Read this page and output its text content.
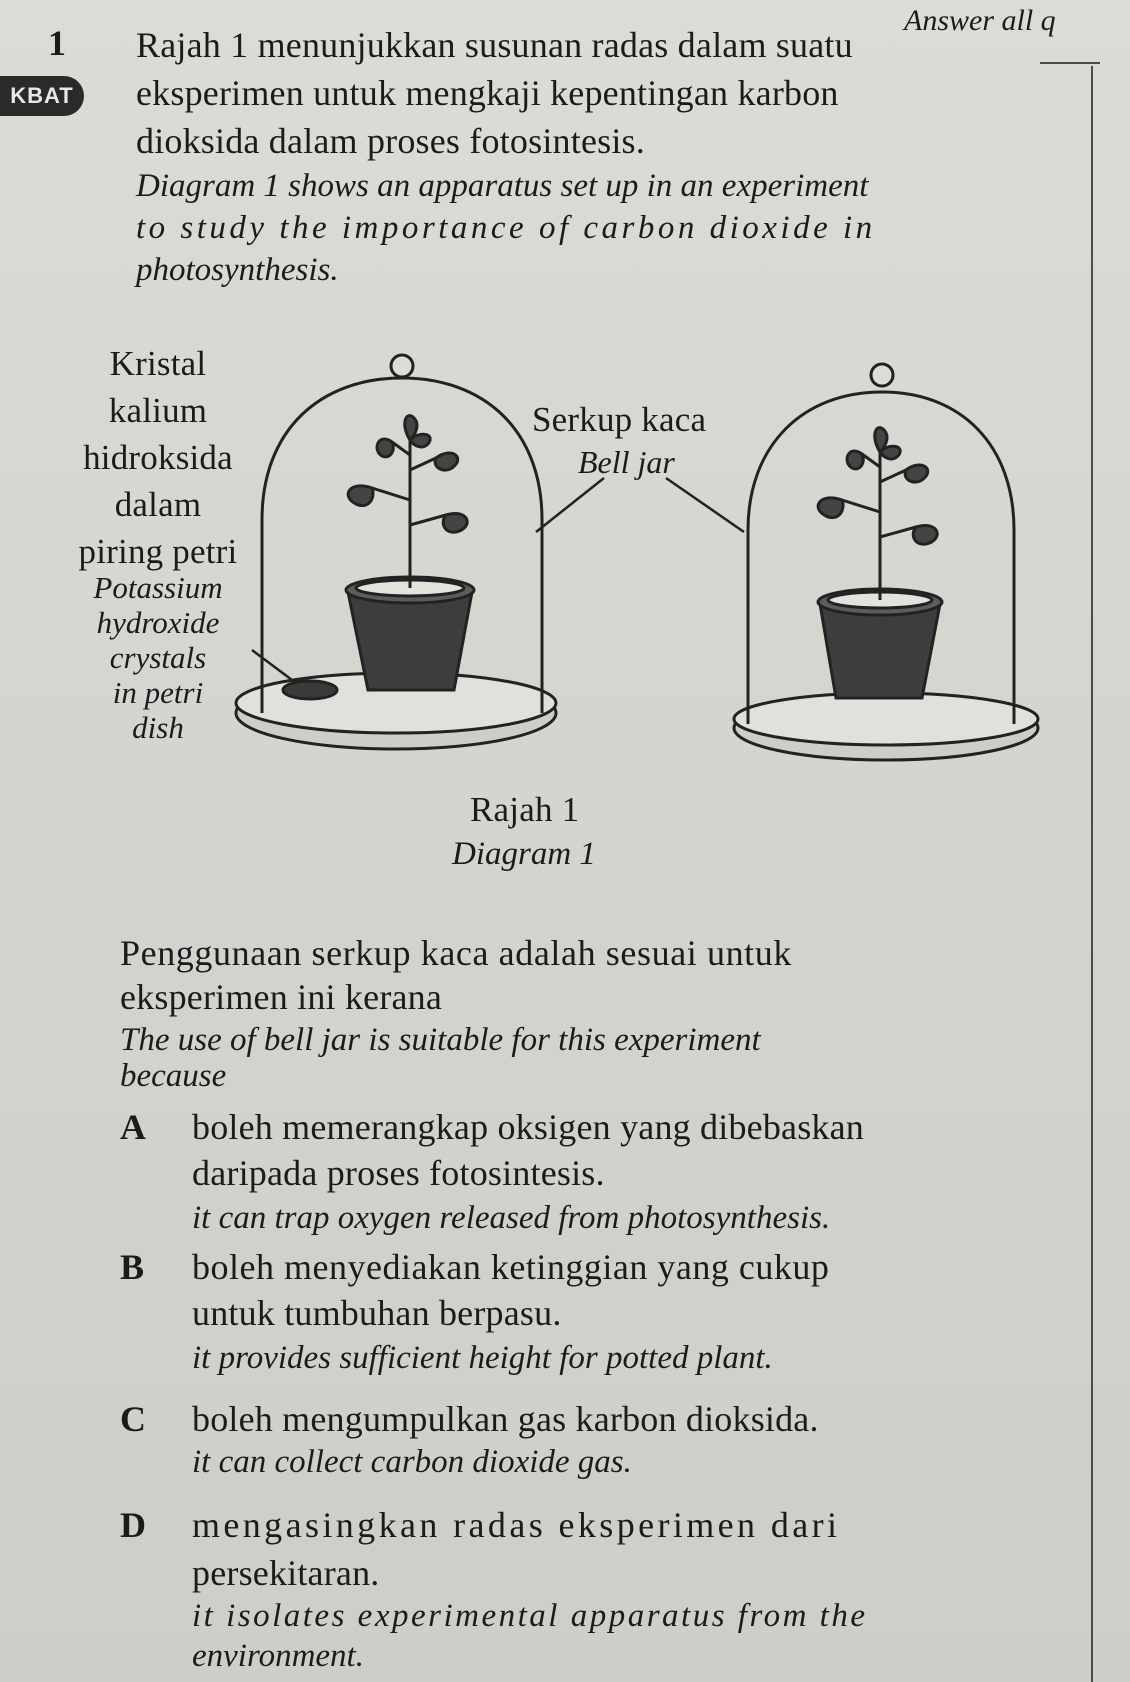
Answer all q
1
KBAT
Rajah 1 menunjukkan susunan radas dalam suatu
eksperimen untuk mengkaji kepentingan karbon
dioksida dalam proses fotosintesis.
Diagram 1 shows an apparatus set up in an experiment
to study the importance of carbon dioxide in
photosynthesis.
Kristal
kalium
hidroksida
dalam
piring petri
Potassium
hydroxide
crystals
in petri
dish
Serkup kaca
Bell jar
Rajah 1
Diagram 1
Penggunaan serkup kaca adalah sesuai untuk
eksperimen ini kerana
The use of bell jar is suitable for this experiment
because
A boleh memerangkap oksigen yang dibebaskan
daripada proses fotosintesis.
it can trap oxygen released from photosynthesis.
B boleh menyediakan ketinggian yang cukup
untuk tumbuhan berpasu.
it provides sufficient height for potted plant.
C boleh mengumpulkan gas karbon dioksida.
it can collect carbon dioxide gas.
D mengasingkan radas eksperimen dari
persekitaran.
it isolates experimental apparatus from the
environment.
